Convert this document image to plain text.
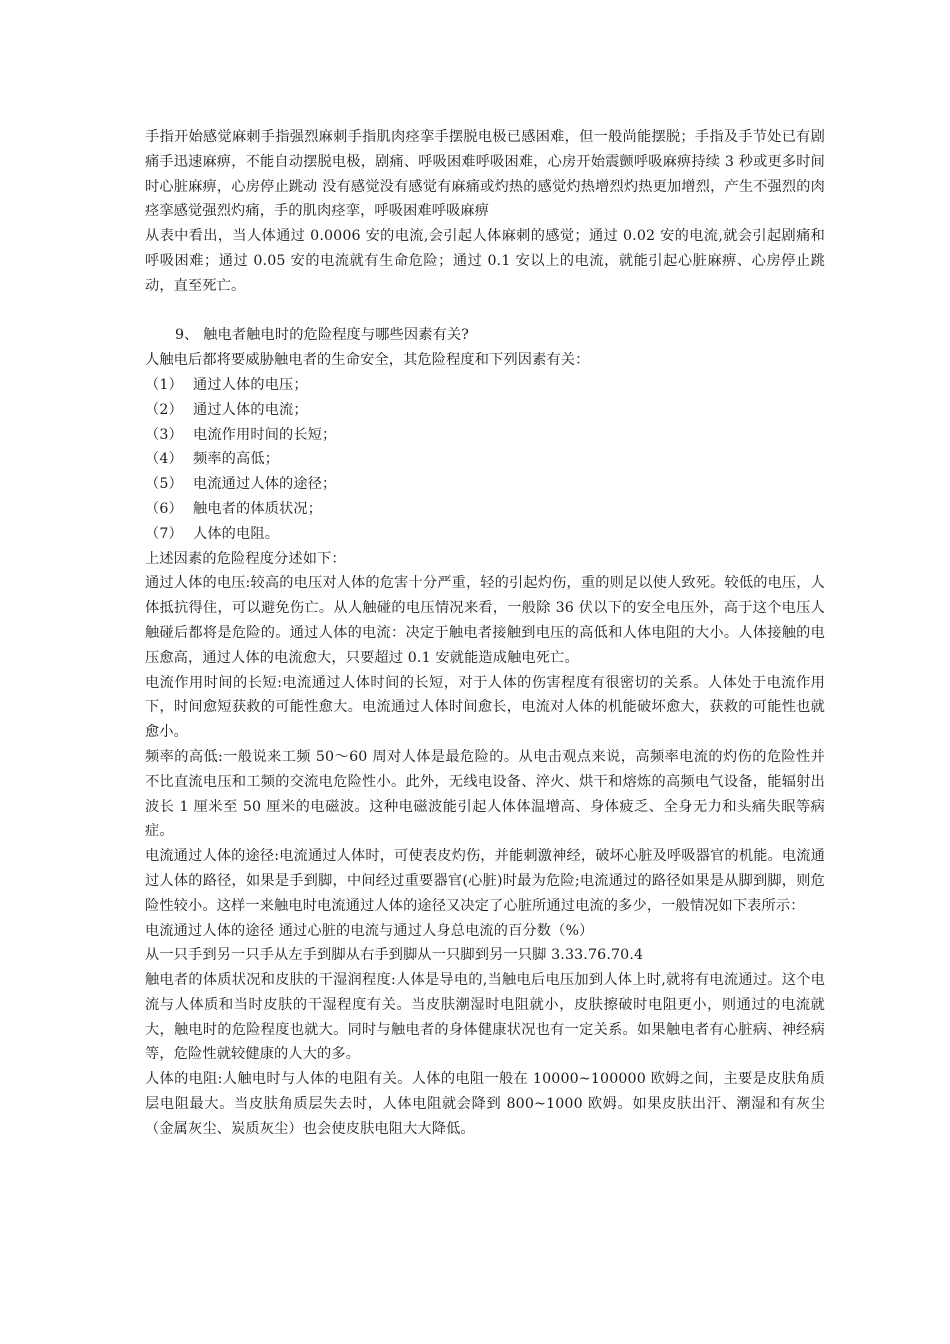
手指开始感觉麻刺手指强烈麻刺手指肌肉痉挛手摆脱电极已感困难，但一般尚能摆脱；手指及手节处已有剧痛手迅速麻痹，不能自动摆脱电极，剧痛、呼吸困难呼吸困难，心房开始震颤呼吸麻痹持续 3 秒或更多时间时心脏麻痹，心房停止跳动 没有感觉没有感觉有麻痛或灼热的感觉灼热增烈灼热更加增烈，产生不强烈的肉痉挛感觉强烈灼痛，手的肌肉痉挛，呼吸困难呼吸麻痹

从表中看出，当人体通过 0.0006 安的电流,会引起人体麻刺的感觉；通过 0.02 安的电流,就会引起剧痛和呼吸困难；通过 0.05 安的电流就有生命危险；通过 0.1 安以上的电流，就能引起心脏麻痹、心房停止跳动，直至死亡。

9、 触电者触电时的危险程度与哪些因素有关?

人触电后都将要威胁触电者的生命安全，其危险程度和下列因素有关：

（1） 通过人体的电压；
（2） 通过人体的电流；
（3） 电流作用时间的长短；
（4） 频率的高低；
（5） 电流通过人体的途径；
（6） 触电者的体质状况；
（7） 人体的电阻。

上述因素的危险程度分述如下：

通过人体的电压:较高的电压对人体的危害十分严重，轻的引起灼伤，重的则足以使人致死。较低的电压，人体抵抗得住，可以避免伤亡。从人触碰的电压情况来看，一般除 36 伏以下的安全电压外，高于这个电压人触碰后都将是危险的。通过人体的电流：决定于触电者接触到电压的高低和人体电阻的大小。人体接触的电压愈高，通过人体的电流愈大，只要超过 0.1 安就能造成触电死亡。

电流作用时间的长短:电流通过人体时间的长短，对于人体的伤害程度有很密切的关系。人体处于电流作用下，时间愈短获救的可能性愈大。电流通过人体时间愈长，电流对人体的机能破坏愈大，获救的可能性也就愈小。

频率的高低:一般说来工频 50～60 周对人体是最危险的。从电击观点来说，高频率电流的灼伤的危险性并不比直流电压和工频的交流电危险性小。此外，无线电设备、淬火、烘干和熔炼的高频电气设备，能辐射出波长 1 厘米至 50 厘米的电磁波。这种电磁波能引起人体体温增高、身体疲乏、全身无力和头痛失眠等病症。

电流通过人体的途径:电流通过人体时，可使表皮灼伤，并能刺激神经，破坏心脏及呼吸器官的机能。电流通过人体的路径，如果是手到脚，中间经过重要器官(心脏)时最为危险;电流通过的路径如果是从脚到脚，则危险性较小。这样一来触电时电流通过人体的途径又决定了心脏所通过电流的多少，一般情况如下表所示：

电流通过人体的途径 通过心脏的电流与通过人身总电流的百分数（%）

从一只手到另一只手从左手到脚从右手到脚从一只脚到另一只脚 3.33.76.70.4

触电者的体质状况和皮肤的干湿润程度:人体是导电的,当触电后电压加到人体上时,就将有电流通过。这个电流与人体质和当时皮肤的干湿程度有关。当皮肤潮湿时电阻就小，皮肤擦破时电阻更小，则通过的电流就大，触电时的危险程度也就大。同时与触电者的身体健康状况也有一定关系。如果触电者有心脏病、神经病等，危险性就较健康的人大的多。

人体的电阻:人触电时与人体的电阻有关。人体的电阻一般在 10000~100000 欧姆之间，主要是皮肤角质层电阻最大。当皮肤角质层失去时，人体电阻就会降到 800~1000 欧姆。如果皮肤出汗、潮湿和有灰尘（金属灰尘、炭质灰尘）也会使皮肤电阻大大降低。
